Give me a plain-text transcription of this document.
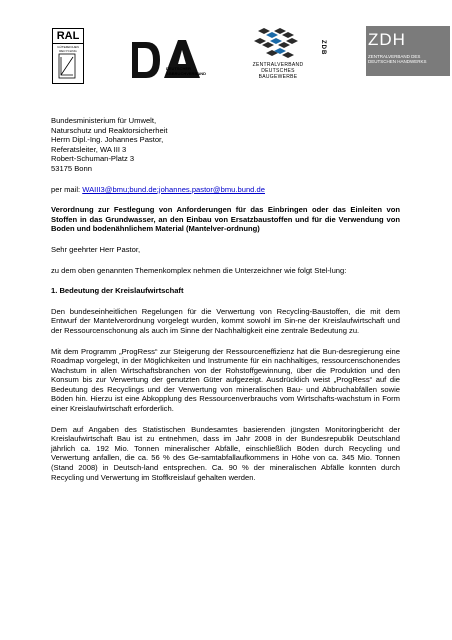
RAL
GÜTEZEICHEN RECYCLING
DEUTSCHER
ABBRUCHVERBAND
ZENTRALVERBAND
DEUTSCHES
BAUGEWERBE
ZDB ZDH
ZENTRALVERBAND DES
DEUTSCHEN HANDWERKS
Bundesministerium für Umwelt,
Naturschutz und Reaktorsicherheit
Herrn Dipl.-Ing. Johannes Pastor,
Referatsleiter, WA III 3
Robert-Schuman-Platz 3
53175 Bonn

per mail: WAIII3@bmu;bund.de;johannes.pastor@bmu.bund.de

Verordnung zur Festlegung von Anforderungen für das Einbringen oder das Einleiten von Stoffen in das Grundwasser, an den Einbau von Ersatzbaustoffen und für die Verwendung von Boden und bodenähnlichem Material (Mantelver-ordnung)

Sehr geehrter Herr Pastor,

zu dem oben genannten Themenkomplex nehmen die Unterzeichner wie folgt Stel-lung:

1. Bedeutung der Kreislaufwirtschaft

Den bundeseinheitlichen Regelungen für die Verwertung von Recycling-Baustoffen, die mit dem Entwurf der Mantelverordnung vorgelegt wurden, kommt sowohl im Sin-ne der Kreislaufwirtschaft und der Ressourcenschonung als auch im Sinne der Nachhaltigkeit eine zentrale Bedeutung zu.

Mit dem Programm „ProgRess“ zur Steigerung der Ressourceneffizienz hat die Bun-desregierung eine Roadmap vorgelegt, in der Möglichkeiten und Instrumente für ein nachhaltiges, ressourcenschonendes Wachstum in allen Wirtschaftsbranchen von der Rohstoffgewinnung, über die Produktion und den Konsum bis zur Verwertung der genutzten Güter aufgezeigt. Ausdrücklich weist „ProgRess“ auf die Bedeutung des Recyclings und der Verwertung von mineralischen Bau- und Abbruchabfällen sowie Böden hin. Hierzu ist eine Abkopplung des Ressourcenverbrauchs vom Wirtschafts-wachstum in Form einer Kreislaufwirtschaft erforderlich.

Dem auf Angaben des Statistischen Bundesamtes basierenden jüngsten Monitoringbericht der Kreislaufwirtschaft Bau ist zu entnehmen, dass im Jahr 2008 in der Bundesrepublik Deutschland jährlich ca. 192 Mio. Tonnen mineralischer Abfälle, einschließlich Böden durch Recycling und Verwertung anfallen, die ca. 56 % des Ge-samtabfallaufkommens in Höhe von ca. 345 Mio. Tonnen (Stand 2008) in Deutsch-land entsprechen. Ca. 90 % der mineralischen Abfälle konnten durch Recycling und Verwertung im Stoffkreislauf gehalten werden.
